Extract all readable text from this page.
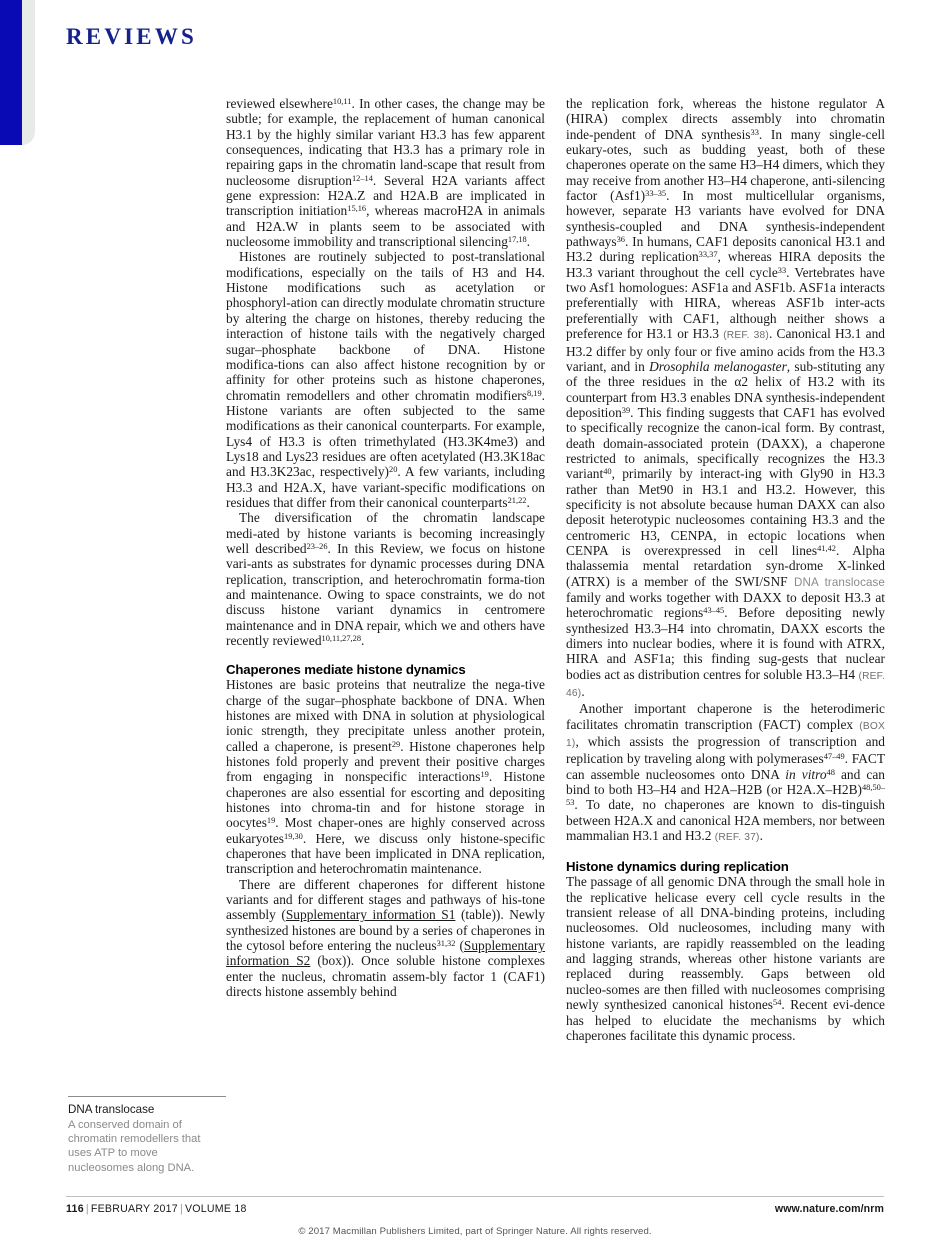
REVIEWS

reviewed elsewhere$^{10,11}$. In other cases, the change may be subtle; for example, the replacement of human canonical H3.1 by the highly similar variant H3.3 has few apparent consequences, indicating that H3.3 has a primary role in repairing gaps in the chromatin land‑scape that result from nucleosome disruption$^{12-14}$. Several H2A variants affect gene expression: H2A.Z and H2A.B are implicated in transcription initiation$^{15,16}$, whereas macroH2A in animals and H2A.W in plants seem to be associated with nucleosome immobility and transcriptional silencing$^{17,18}$.

Histones are routinely subjected to post-translational modifications, especially on the tails of H3 and H4. Histone modifications such as acetylation or phosphoryl‑ation can directly modulate chromatin structure by altering the charge on histones, thereby reducing the interaction of histone tails with the negatively charged sugar–phosphate backbone of DNA. Histone modifica‑tions can also affect histone recognition by or affinity for other proteins such as histone chaperones, chromatin remodellers and other chromatin modifiers$^{8,19}$. Histone variants are often subjected to the same modifications as their canonical counterparts. For example, Lys4 of H3.3 is often trimethylated (H3.3K4me3) and Lys18 and Lys23 residues are often acetylated (H3.3K18ac and H3.3K23ac, respectively)$^{20}$. A few variants, including H3.3 and H2A.X, have variant-specific modifications on residues that differ from their canonical counterparts$^{21,22}$.

The diversification of the chromatin landscape medi‑ated by histone variants is becoming increasingly well described$^{23-26}$. In this Review, we focus on histone vari‑ants as substrates for dynamic processes during DNA replication, transcription, and heterochromatin forma‑tion and maintenance. Owing to space constraints, we do not discuss histone variant dynamics in centromere maintenance and in DNA repair, which we and others have recently reviewed$^{10,11,27,28}$.

Chaperones mediate histone dynamics

Histones are basic proteins that neutralize the nega‑tive charge of the sugar–phosphate backbone of DNA. When histones are mixed with DNA in solution at physiological ionic strength, they precipitate unless another protein, called a chaperone, is present$^{29}$. Histone chaperones help histones fold properly and prevent their positive charges from engaging in nonspecific interactions$^{19}$. Histone chaperones are also essential for escorting and depositing histones into chroma‑tin and for histone storage in oocytes$^{19}$. Most chaper‑ones are highly conserved across eukaryotes$^{19,30}$. Here, we discuss only histone-specific chaperones that have been implicated in DNA replication, transcription and heterochromatin maintenance.

There are different chaperones for different histone variants and for different stages and pathways of his‑tone assembly (Supplementary information S1 (table)). Newly synthesized histones are bound by a series of chaperones in the cytosol before entering the nucleus$^{31,32}$ (Supplementary information S2 (box)). Once soluble histone complexes enter the nucleus, chromatin assem‑bly factor 1 (CAF1) directs histone assembly behind

the replication fork, whereas the histone regulator A (HIRA) complex directs assembly into chromatin inde‑pendent of DNA synthesis$^{33}$. In many single-cell eukary‑otes, such as budding yeast, both of these chaperones operate on the same H3–H4 dimers, which they may receive from another H3–H4 chaperone, anti-silencing factor $(Asf1)^{33-35}$. In most multicellular organisms, however, separate H3 variants have evolved for DNA synthesis-coupled and DNA synthesis-independent pathways$^{36}$. In humans, CAF1 deposits canonical H3.1 and H3.2 during replication$^{33,37}$, whereas HIRA deposits the H3.3 variant throughout the cell cycle$^{33}$. Vertebrates have two Asf1 homologues: ASF1a and ASF1b. ASF1a interacts preferentially with HIRA, whereas ASF1b inter‑acts preferentially with CAF1, although neither shows a preference for H3.1 or H3.3 (REF. 38). Canonical H3.1 and H3.2 differ by only four or five amino acids from the H3.3 variant, and in Drosophila melanogaster, sub‑stituting any of the three residues in the α2 helix of H3.2 with its counterpart from H3.3 enables DNA synthesis-independent deposition$^{39}$. This finding suggests that CAF1 has evolved to specifically recognize the canon‑ical form. By contrast, death domain-associated protein (DAXX), a chaperone restricted to animals, specifically recognizes the H3.3 variant$^{40}$, primarily by interact‑ing with Gly90 in H3.3 rather than Met90 in H3.1 and H3.2. However, this specificity is not absolute because human DAXX can also deposit heterotypic nucleosomes containing H3.3 and the centromeric H3, CENPA, in ectopic locations when CENPA is overexpressed in cell lines$^{41,42}$. Alpha thalassemia mental retardation syn‑drome X-linked (ATRX) is a member of the SWI/SNF DNA translocase family and works together with DAXX to deposit H3.3 at heterochromatic regions$^{43-45}$. Before depositing newly synthesized H3.3–H4 into chromatin, DAXX escorts the dimers into nuclear bodies, where it is found with ATRX, HIRA and ASF1a; this finding sug‑gests that nuclear bodies act as distribution centres for soluble H3.3–H4 (REF. 46).

Another important chaperone is the heterodimeric facilitates chromatin transcription (FACT) complex (BOX 1), which assists the progression of transcription and replication by traveling along with polymerases$^{47-49}$. FACT can assemble nucleosomes onto DNA in vitro$^{48}$ and can bind to both H3–H4 and H2A–H2B (or H2A.X–H2B)$^{48,50-53}$. To date, no chaperones are known to dis‑tinguish between H2A.X and canonical H2A members, nor between mammalian H3.1 and H3.2 (REF. 37).

Histone dynamics during replication

The passage of all genomic DNA through the small hole in the replicative helicase every cell cycle results in the transient release of all DNA-binding proteins, including nucleosomes. Old nucleosomes, including many with histone variants, are rapidly reassembled on the leading and lagging strands, whereas other histone variants are replaced during reassembly. Gaps between old nucleo‑somes are then filled with nucleosomes comprising newly synthesized canonical histones$^{54}$. Recent evi‑dence has helped to elucidate the mechanisms by which chaperones facilitate this dynamic process.

DNA translocase
A conserved domain of chromatin remodellers that uses ATP to move nucleosomes along DNA.
116 | FEBRUARY 2017 | VOLUME 18	www.nature.com/nrm
© 2017 Macmillan Publishers Limited, part of Springer Nature. All rights reserved.
